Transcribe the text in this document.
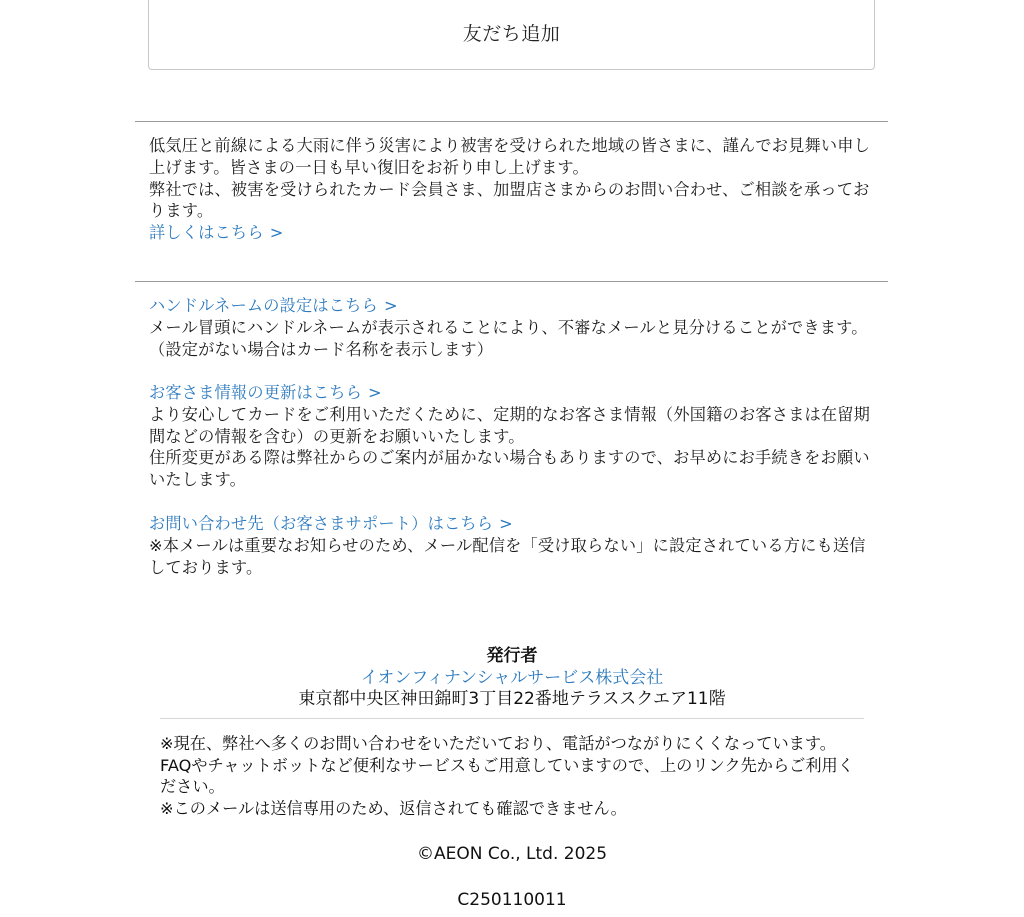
友だち追加

低気圧と前線による大雨に伴う災害により被害を受けられた地域の皆さまに、謹んでお見舞い申し上げます。皆さまの一日も早い復旧をお祈り申し上げます。

弊社では、被害を受けられたカード会員さま、加盟店さまからのお問い合わせ、ご相談を承っております。

詳しくはこちら >

ハンドルネームの設定はこちら >

メール冒頭にハンドルネームが表示されることにより、不審なメールと見分けることができます。（設定がない場合はカード名称を表示します）

お客さま情報の更新はこちら >

より安心してカードをご利用いただくために、定期的なお客さま情報（外国籍のお客さまは在留期間などの情報を含む）の更新をお願いいたします。

住所変更がある際は弊社からのご案内が届かない場合もありますので、お早めにお手続きをお願いいたします。

お問い合わせ先（お客さまサポート）はこちら >

※本メールは重要なお知らせのため、メール配信を「受け取らない」に設定されている方にも送信しております。

発行者
イオンフィナンシャルサービス株式会社
東京都中央区神田錦町3丁目22番地テラススクエア11階

※現在、弊社へ多くのお問い合わせをいただいており、電話がつながりにくくなっています。FAQやチャットボットなど便利なサービスもご用意していますので、上のリンク先からご利用ください。

※このメールは送信専用のため、返信されても確認できません。

©AEON Co., Ltd. 2025
C250110011
